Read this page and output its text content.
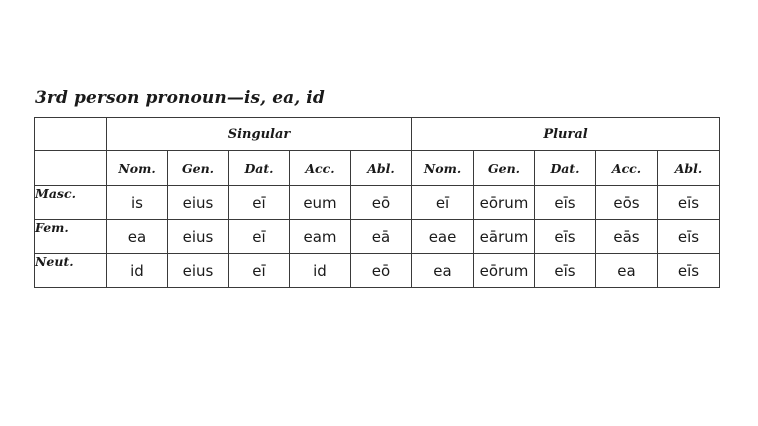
3rd person pronoun—is, ea, id
	Singular					Plural				
	Nom.	Gen.	Dat.	Acc.	Abl.	Nom.	Gen.	Dat.	Acc.	Abl.
Masc.	is	eius	eī	eum	eō	eī	eōrum	eīs	eōs	eīs
Fem.	ea	eius	eī	eam	eā	eae	eārum	eīs	eās	eīs
Neut.	id	eius	eī	id	eō	ea	eōrum	eīs	ea	eīs
